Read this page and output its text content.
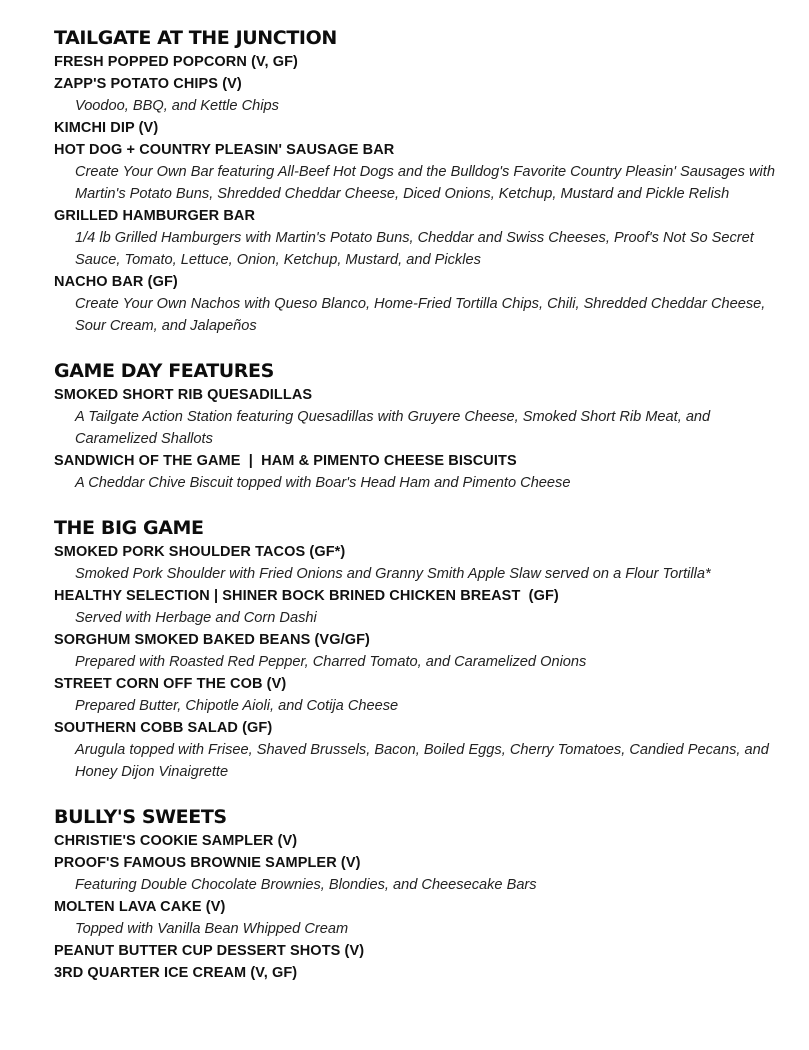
TAILGATE AT THE JUNCTION
FRESH POPPED POPCORN (V, GF)
ZAPP'S POTATO CHIPS (V)
Voodoo, BBQ, and Kettle Chips
KIMCHI DIP (V)
HOT DOG + COUNTRY PLEASIN' SAUSAGE BAR
Create Your Own Bar featuring All-Beef Hot Dogs and the Bulldog's Favorite Country Pleasin' Sausages with Martin's Potato Buns, Shredded Cheddar Cheese, Diced Onions, Ketchup, Mustard and Pickle Relish
GRILLED HAMBURGER BAR
1/4 lb Grilled Hamburgers with Martin's Potato Buns, Cheddar and Swiss Cheeses, Proof's Not So Secret Sauce, Tomato, Lettuce, Onion, Ketchup, Mustard, and Pickles
NACHO BAR (GF)
Create Your Own Nachos with Queso Blanco, Home-Fried Tortilla Chips, Chili, Shredded Cheddar Cheese, Sour Cream, and Jalapeños
GAME DAY FEATURES
SMOKED SHORT RIB QUESADILLAS
A Tailgate Action Station featuring Quesadillas with Gruyere Cheese, Smoked Short Rib Meat, and Caramelized Shallots
SANDWICH OF THE GAME  |  HAM & PIMENTO CHEESE BISCUITS
A Cheddar Chive Biscuit topped with Boar's Head Ham and Pimento Cheese
THE BIG GAME
SMOKED PORK SHOULDER TACOS (GF*)
Smoked Pork Shoulder with Fried Onions and Granny Smith Apple Slaw served on a Flour Tortilla*
HEALTHY SELECTION | SHINER BOCK BRINED CHICKEN BREAST  (GF)
Served with Herbage and Corn Dashi
SORGHUM SMOKED BAKED BEANS (VG/GF)
Prepared with Roasted Red Pepper, Charred Tomato, and Caramelized Onions
STREET CORN OFF THE COB (V)
Prepared Butter, Chipotle Aioli, and Cotija Cheese
SOUTHERN COBB SALAD (GF)
Arugula topped with Frisee, Shaved Brussels, Bacon, Boiled Eggs, Cherry Tomatoes, Candied Pecans, and Honey Dijon Vinaigrette
BULLY'S SWEETS
CHRISTIE'S COOKIE SAMPLER (V)
PROOF'S FAMOUS BROWNIE SAMPLER (V)
Featuring Double Chocolate Brownies, Blondies, and Cheesecake Bars
MOLTEN LAVA CAKE (V)
Topped with Vanilla Bean Whipped Cream
PEANUT BUTTER CUP DESSERT SHOTS (V)
3RD QUARTER ICE CREAM (V, GF)
